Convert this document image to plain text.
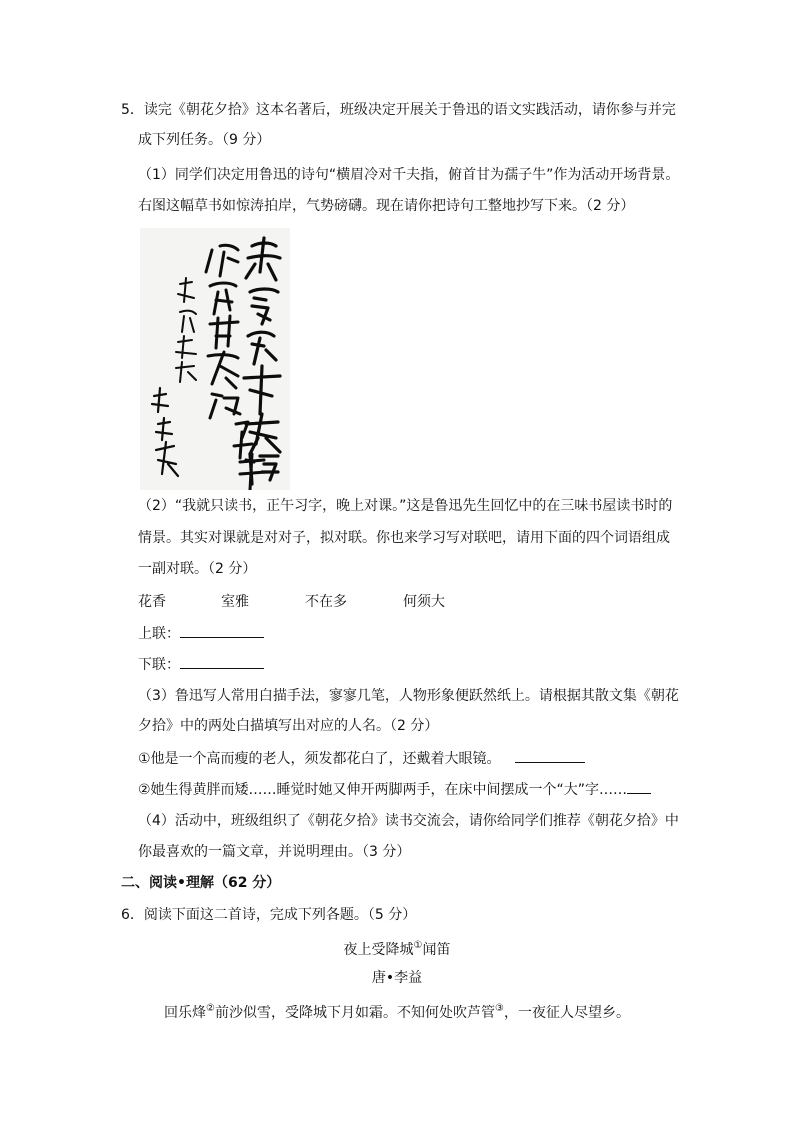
5．读完《朝花夕拾》这本名著后，班级决定开展关于鲁迅的语文实践活动，请你参与并完
成下列任务。（9 分）
（1）同学们决定用鲁迅的诗句“横眉冷对千夫指，俯首甘为孺子牛”作为活动开场背景。
右图这幅草书如惊涛拍岸，气势磅礴。现在请你把诗句工整地抄写下来。（2 分）
（2）“我就只读书，正午习字，晚上对课。”这是鲁迅先生回忆中的在三味书屋读书时的
情景。其实对课就是对对子，拟对联。你也来学习写对联吧，请用下面的四个词语组成
一副对联。（2 分）
花香	室雅	不在多	何须大
上联：
下联：
（3）鲁迅写人常用白描手法，寥寥几笔，人物形象便跃然纸上。请根据其散文集《朝花
夕拾》中的两处白描填写出对应的人名。（2 分）
①他是一个高而瘦的老人，须发都花白了，还戴着大眼镜。
②她生得黄胖而矮……睡觉时她又伸开两脚两手，在床中间摆成一个“大”字……
（4）活动中，班级组织了《朝花夕拾》读书交流会，请你给同学们推荐《朝花夕拾》中
你最喜欢的一篇文章，并说明理由。（3 分）
二、阅读•理解（62 分）
6．阅读下面这二首诗，完成下列各题。（5 分）
夜上受降城①闻笛
唐•李益
回乐烽②前沙似雪，受降城下月如霜。不知何处吹芦管③，一夜征人尽望乡。
